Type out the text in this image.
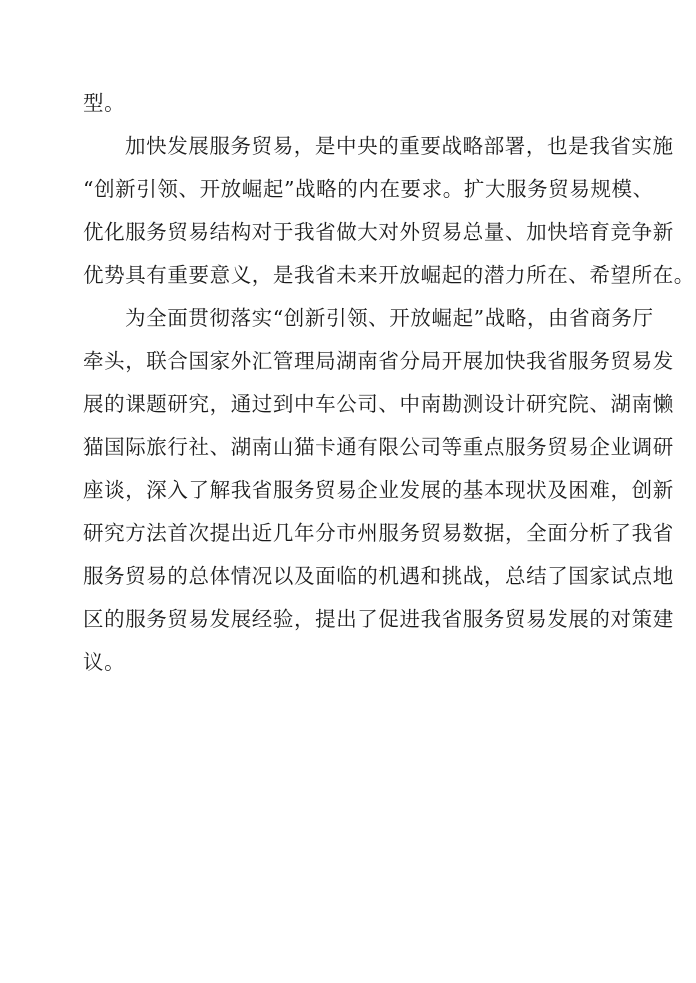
型。
加快发展服务贸易，是中央的重要战略部署，也是我省实施
“创新引领、开放崛起”战略的内在要求。扩大服务贸易规模、
优化服务贸易结构对于我省做大对外贸易总量、加快培育竞争新
优势具有重要意义，是我省未来开放崛起的潜力所在、希望所在。
为全面贯彻落实“创新引领、开放崛起”战略，由省商务厅
牵头，联合国家外汇管理局湖南省分局开展加快我省服务贸易发
展的课题研究，通过到中车公司、中南勘测设计研究院、湖南懒
猫国际旅行社、湖南山猫卡通有限公司等重点服务贸易企业调研
座谈，深入了解我省服务贸易企业发展的基本现状及困难，创新
研究方法首次提出近几年分市州服务贸易数据，全面分析了我省
服务贸易的总体情况以及面临的机遇和挑战，总结了国家试点地
区的服务贸易发展经验，提出了促进我省服务贸易发展的对策建
议。
